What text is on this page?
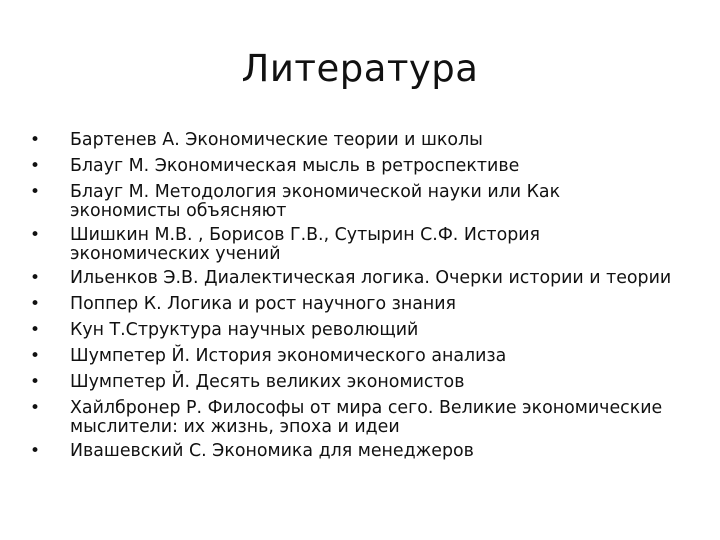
Литература
• Бартенев А. Экономические теории и школы
• Блауг М. Экономическая мысль в ретроспективе
• Блауг М. Методология экономической науки или Как
экономисты объясняют
• Шишкин М.В. , Борисов Г.В., Сутырин С.Ф. История
экономических учений
• Ильенков Э.В. Диалектическая логика. Очерки истории и теории
• Поппер К. Логика и рост научного знания
• Кун Т.Структура научных револющий
• Шумпетер Й. История экономического анализа
• Шумпетер Й. Десять великих экономистов
• Хайлбронер Р. Философы от мира сего. Великие экономические
мыслители: их жизнь, эпоха и идеи
• Ивашевский С. Экономика для менеджеров
